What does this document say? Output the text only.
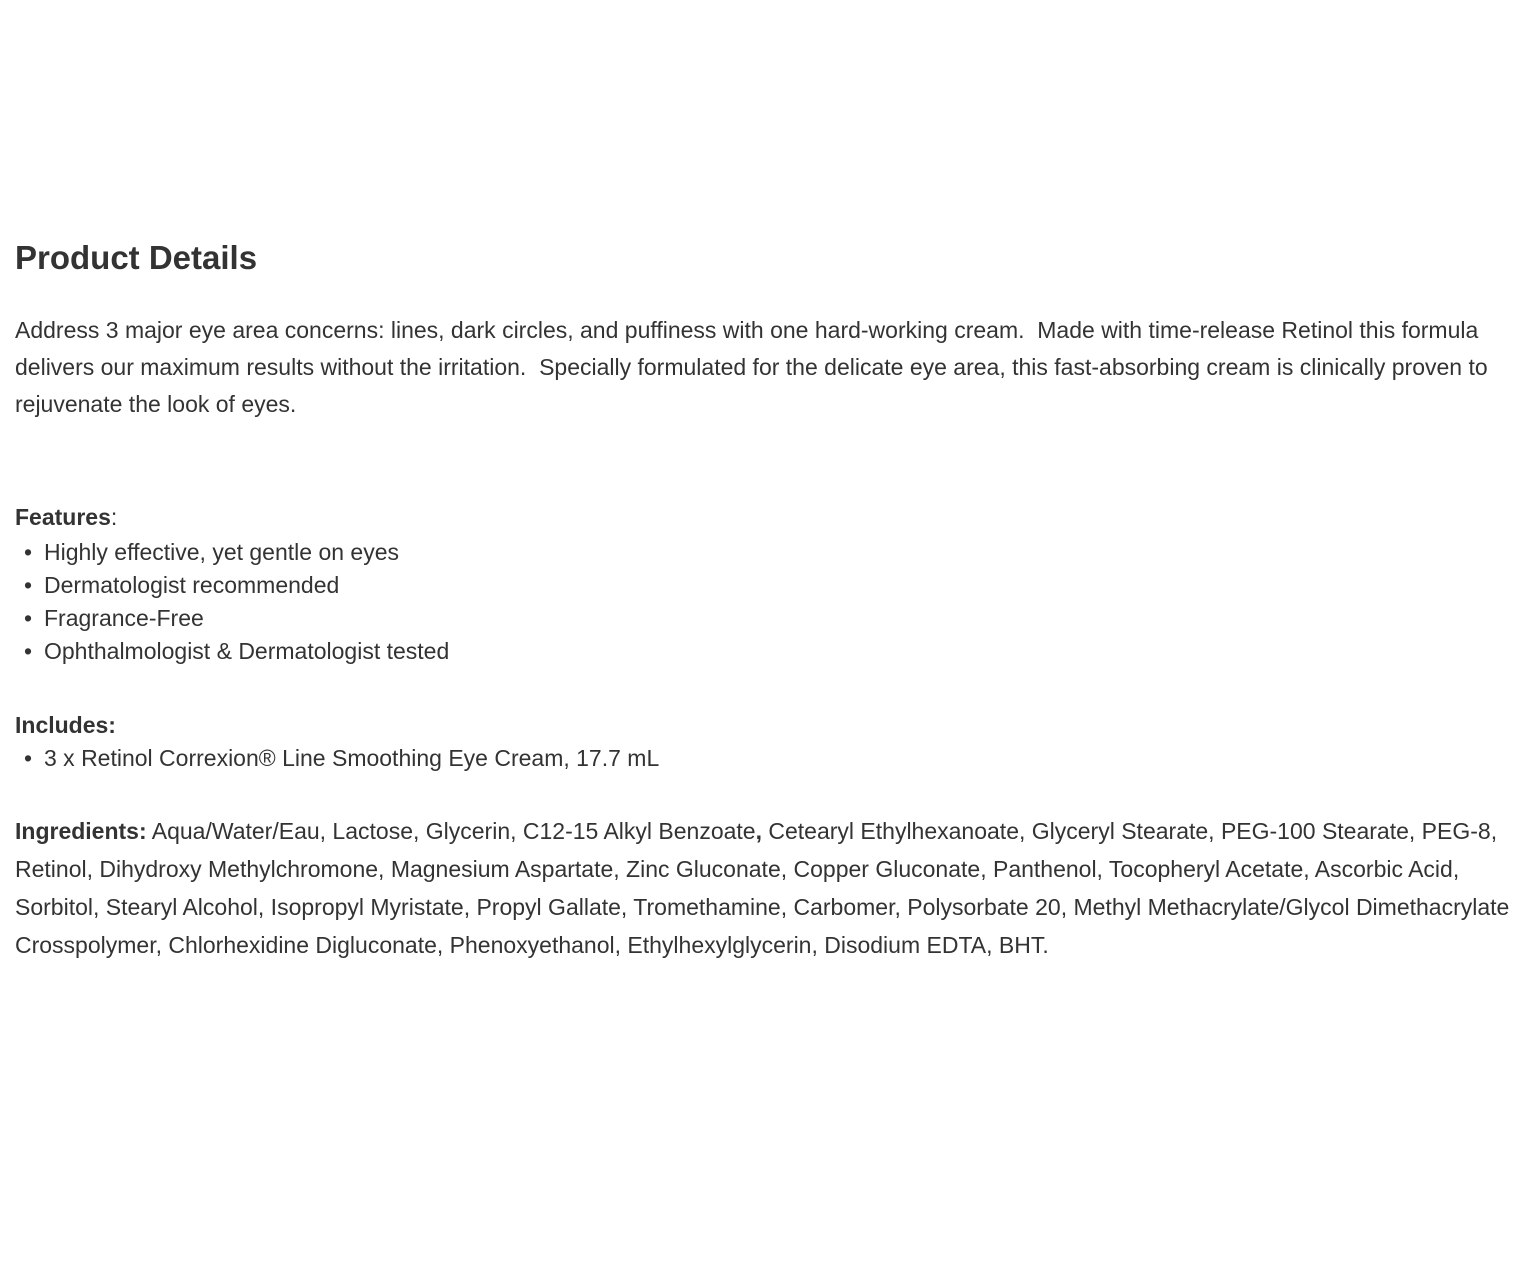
Product Details

Address 3 major eye area concerns: lines, dark circles, and puffiness with one hard-working cream.  Made with time-release Retinol this formula delivers our maximum results without the irritation.  Specially formulated for the delicate eye area, this fast-absorbing cream is clinically proven to rejuvenate the look of eyes.

Features:

• Highly effective, yet gentle on eyes
• Dermatologist recommended
• Fragrance-Free
• Ophthalmologist & Dermatologist tested

Includes:

• 3 x Retinol Correxion® Line Smoothing Eye Cream, 17.7 mL

Ingredients: Aqua/Water/Eau, Lactose, Glycerin, C12-15 Alkyl Benzoate, Cetearyl Ethylhexanoate, Glyceryl Stearate, PEG-100 Stearate, PEG-8, Retinol, Dihydroxy Methylchromone, Magnesium Aspartate, Zinc Gluconate, Copper Gluconate, Panthenol, Tocopheryl Acetate, Ascorbic Acid, Sorbitol, Stearyl Alcohol, Isopropyl Myristate, Propyl Gallate, Tromethamine, Carbomer, Polysorbate 20, Methyl Methacrylate/Glycol Dimethacrylate Crosspolymer, Chlorhexidine Digluconate, Phenoxyethanol, Ethylhexylglycerin, Disodium EDTA, BHT.
